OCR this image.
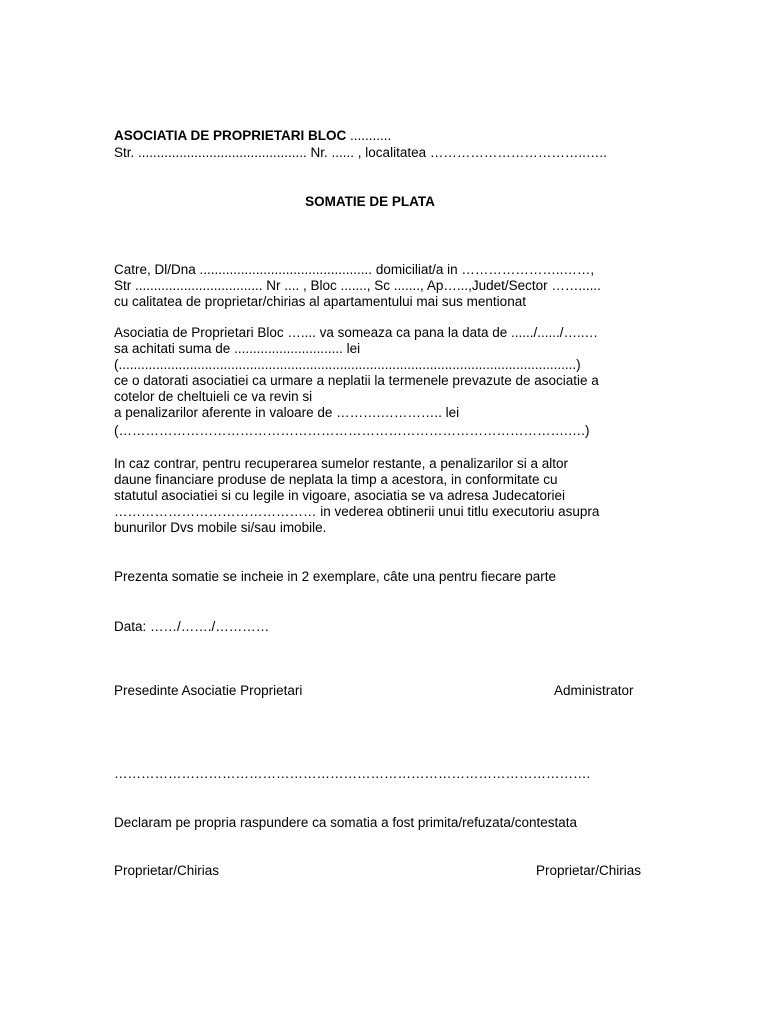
ASOCIATIA DE PROPRIETARI BLOC ...........
Str. ............................................. Nr. ...... , localitatea ……………………………..…..
SOMATIE DE PLATA
Catre, Dl/Dna .............................................. domiciliat/a in …………………..……,
Str .................................. Nr .... , Bloc ......., Sc ......., Ap…...,Judet/Sector ……......
cu calitatea de proprietar/chirias al apartamentului mai sus mentionat
Asociatia de Proprietari Bloc ….... va someaza ca pana la data de ....../....../…..…
sa achitati suma de ............................. lei
(..........................................................................................................................)
ce o datorati asociatiei ca urmare a neplatii la termenele prevazute de asociatie a
cotelor de cheltuieli ce va revin si
a penalizarilor aferente in valoare de ……….………….. lei
(……………………………………………………………………………………….….)
In caz contrar, pentru recuperarea sumelor restante, a penalizarilor si a altor
daune financiare produse de neplata la timp a acestora, in conformitate cu
statutul asociatiei si cu legile in vigoare, asociatia se va adresa Judecatoriei
……………………………………… in vederea obtinerii unui titlu executoriu asupra
bunurilor Dvs mobile si/sau imobile.
Prezenta somatie se incheie in 2 exemplare, câte una pentru fiecare parte
Data: ……/……./…………
Presedinte Asociatie Proprietari	Administrator
…………………………………………………………………………………………….
Declaram pe propria raspundere ca somatia a fost primita/refuzata/contestata
Proprietar/Chirias	Proprietar/Chirias
